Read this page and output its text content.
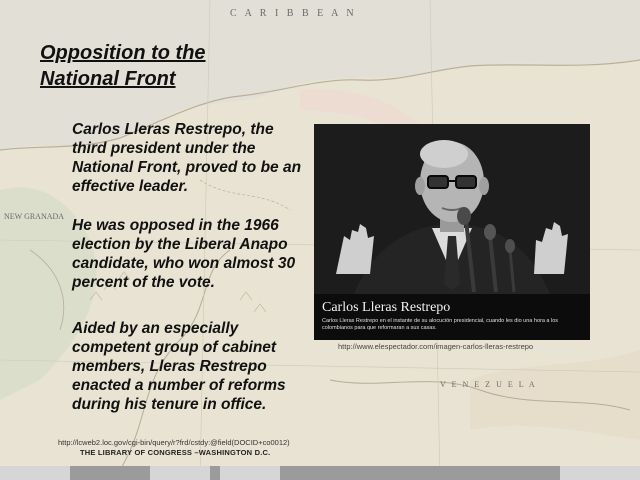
C A R I B B E A N
NEW GRANADA
V E N E Z U E L A
Opposition to the National Front

Carlos Lleras Restrepo, the third president under the National Front, proved to be an effective leader.

He was opposed in the 1966 election by the Liberal Anapo candidate, who won almost 30 percent of the vote.

Aided by an especially competent group of cabinet members, Lleras Restrepo enacted a number of reforms during his tenure in office.

Carlos Lleras Restrepo
Carlos Lleras Restrepo en el instante de su alocución presidencial, cuando les dio una hora a los colombianos para que reformaran a sus casas.
http://www.elespectador.com/imagen-carlos-lleras-restrepo
http://lcweb2.loc.gov/cgi-bin/query/r?frd/cstdy:@field(DOCID+co0012)
THE LIBRARY OF CONGRESS –WASHINGTON D.C.
